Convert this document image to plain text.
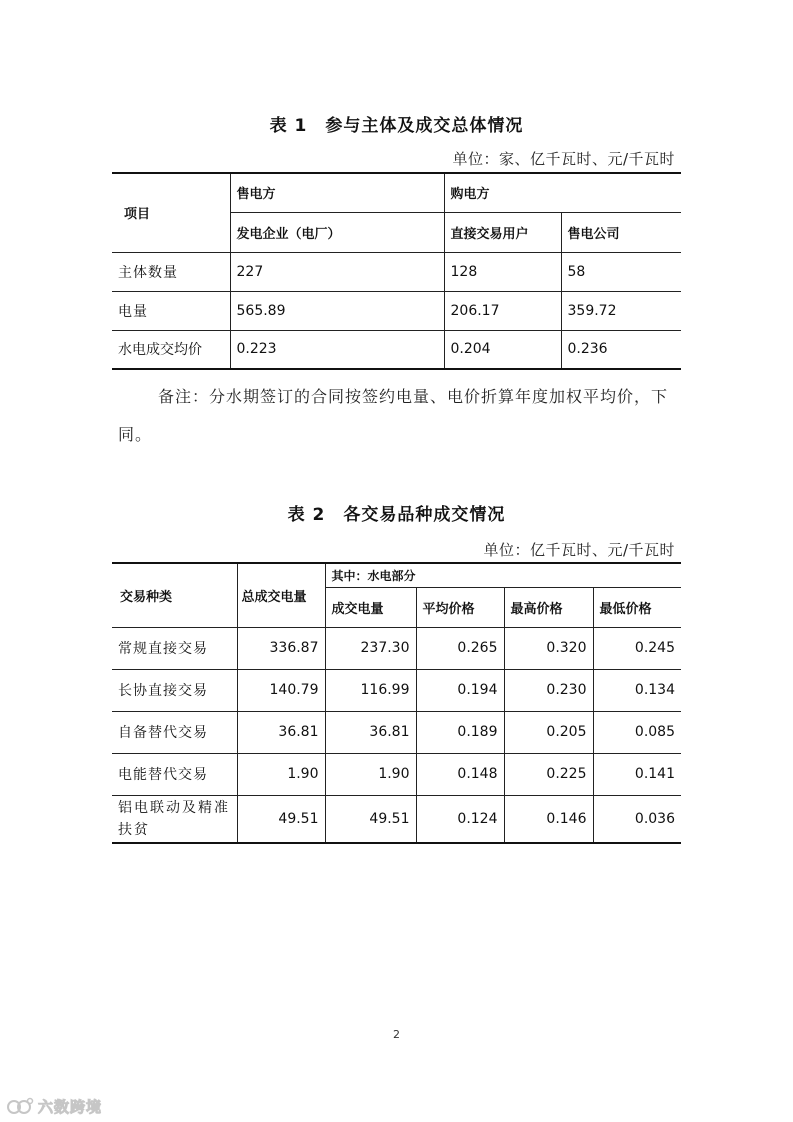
表 1 参与主体及成交总体情况
单位：家、亿千瓦时、元/千瓦时
项目	售电方	购电方	
	发电企业（电厂）	直接交易用户	售电公司
主体数量	227	128	58
电量	565.89	206.17	359.72
水电成交均价	0.223	0.204	0.236
备注：分水期签订的合同按签约电量、电价折算年度加权平均价，下同。
表 2 各交易品种成交情况
单位：亿千瓦时、元/千瓦时
交易种类	总成交电量	其中：水电部分			
		成交电量	平均价格	最高价格	最低价格
常规直接交易	336.87	237.30	0.265	0.320	0.245
长协直接交易	140.79	116.99	0.194	0.230	0.134
自备替代交易	36.81	36.81	0.189	0.205	0.085
电能替代交易	1.90	1.90	0.148	0.225	0.141
铝电联动及精准扶贫	49.51	49.51	0.124	0.146	0.036
2
六数跨境
